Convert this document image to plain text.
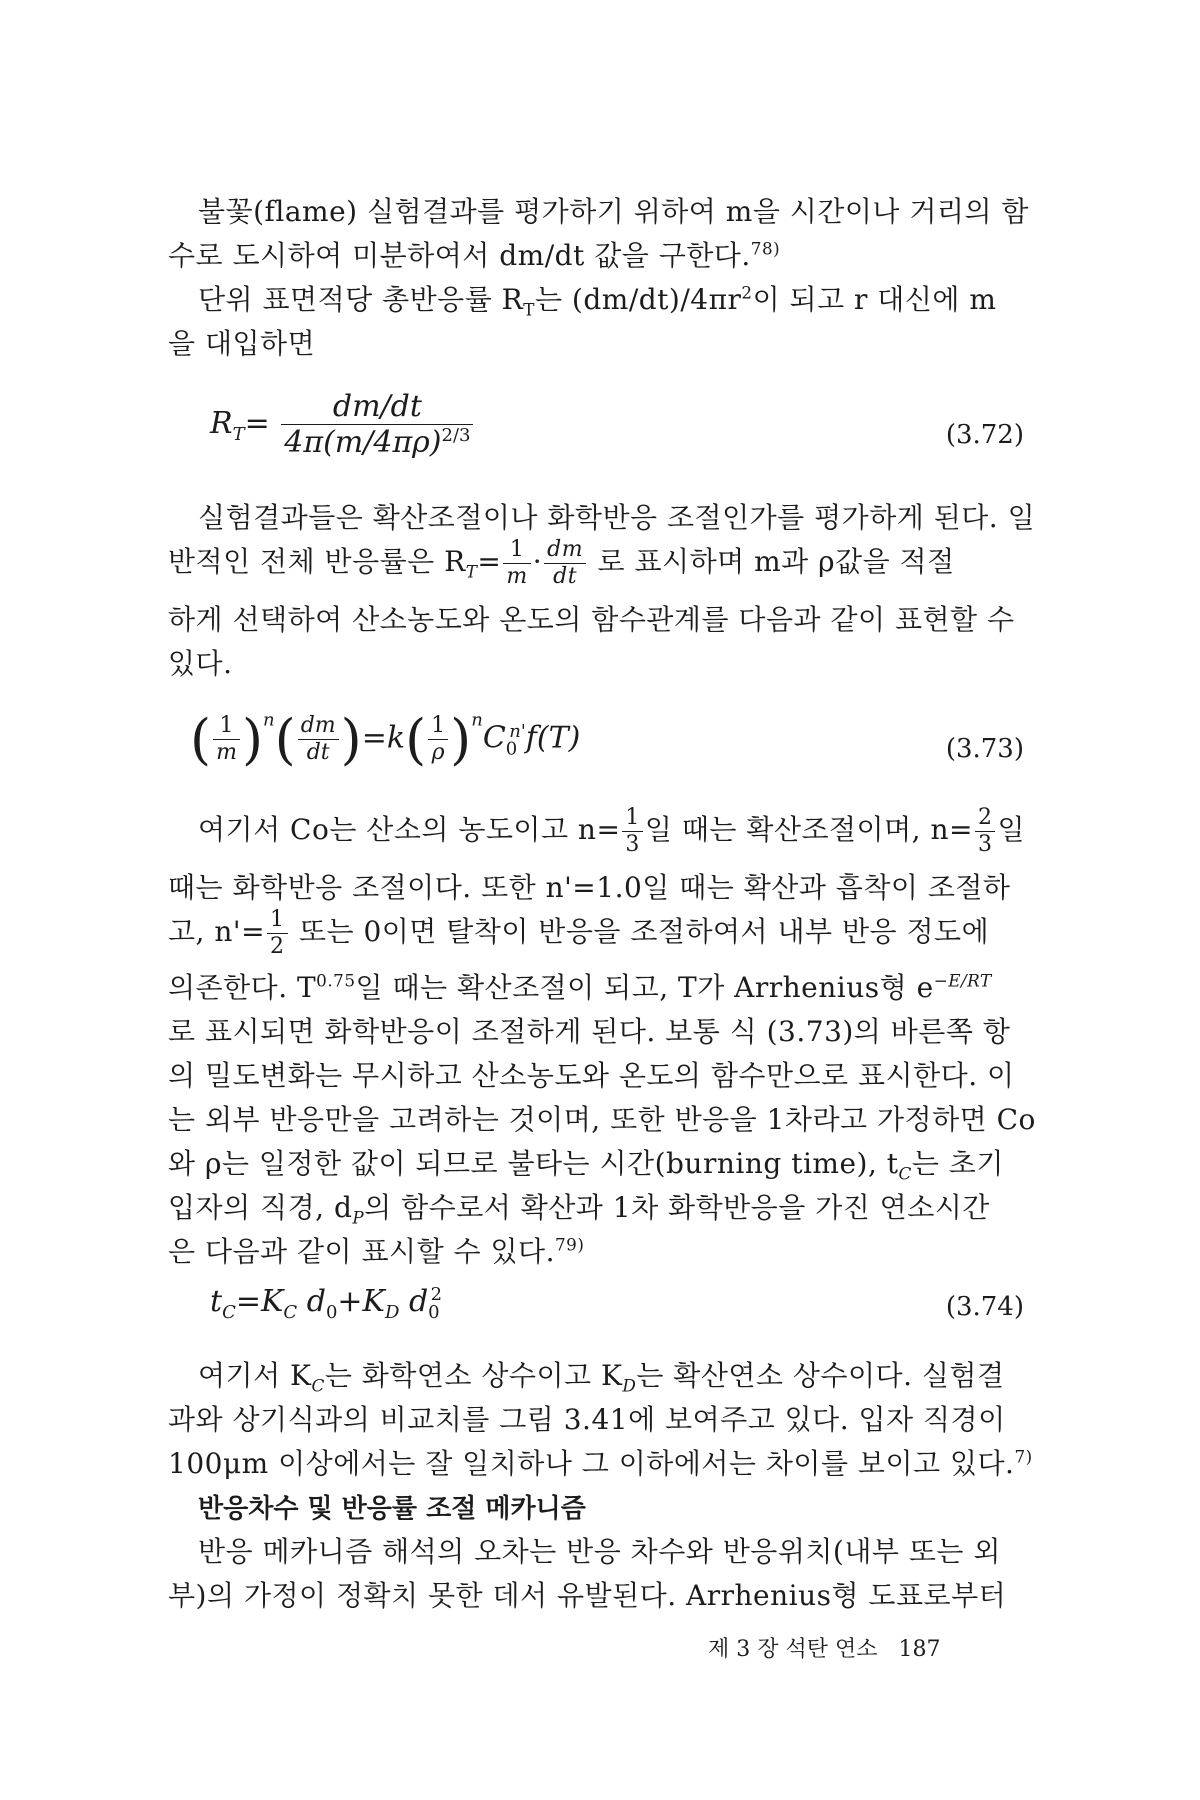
불꽃(flame) 실험결과를 평가하기 위하여 m을 시간이나 거리의 함
수로 도시하여 미분하여서 dm/dt 값을 구한다.$^{78)}$
단위 표면적당 총반응률 $R_T$는 $(dm/dt)/4\pi r^2$이 되고 r 대신에 m
을 대입하면
$R_T= \frac{dm/dt}{4\pi(m/4\pi\rho)^{2/3}}$	(3.72)
실험결과들은 확산조절이나 화학반응 조절인가를 평가하게 된다. 일
반적인 전체 반응률은 $R_T= \frac{1}{m} \cdot \frac{dm}{dt}$ 로 표시하며 m과 ρ값을 적절
하게 선택하여 산소농도와 온도의 함수관계를 다음과 같이 표현할 수
있다.
( $\frac{1}{m} )^n( \frac{dm}{dt} )=k( \frac{1}{\rho} )^nC_0^{n'}f(T)$	(3.73)
여기서 Co는 산소의 농도이고 $n= \frac{1}{3}$ 일 때는 확산조절이며, $n= \frac{2}{3}$ 일
때는 화학반응 조절이다. 또한 n'=1.0일 때는 확산과 흡착이 조절하
고, $n'= \frac{1}{2}$ 또는 0이면 탈착이 반응을 조절하여서 내부 반응 정도에
의존한다. $T^{0.75}$일 때는 확산조절이 되고, T가 Arrhenius형 $e^{-E/RT}$
로 표시되면 화학반응이 조절하게 된다. 보통 식 (3.73)의 바른쪽 항
의 밀도변화는 무시하고 산소농도와 온도의 함수만으로 표시한다. 이
는 외부 반응만을 고려하는 것이며, 또한 반응을 1차라고 가정하면 Co
와 ρ는 일정한 값이 되므로 불타는 시간(burning time), $t_C$는 초기
입자의 직경, $d_P$의 함수로서 확산과 1차 화학반응을 가진 연소시간
은 다음과 같이 표시할 수 있다.$^{79)}$
$t_C=K_C$ $d_0+K_D$ $d_0^2$	(3.74)
여기서 $K_C$는 화학연소 상수이고 $K_D$는 확산연소 상수이다. 실험결
과와 상기식과의 비교치를 그림 3.41에 보여주고 있다. 입자 직경이
100μm 이상에서는 잘 일치하나 그 이하에서는 차이를 보이고 있다.$^{7)}$
반응차수 및 반응률 조절 메카니즘
반응 메카니즘 해석의 오차는 반응 차수와 반응위치(내부 또는 외
부)의 가정이 정확치 못한 데서 유발된다. Arrhenius형 도표로부터
제 3 장 석탄 연소 187
